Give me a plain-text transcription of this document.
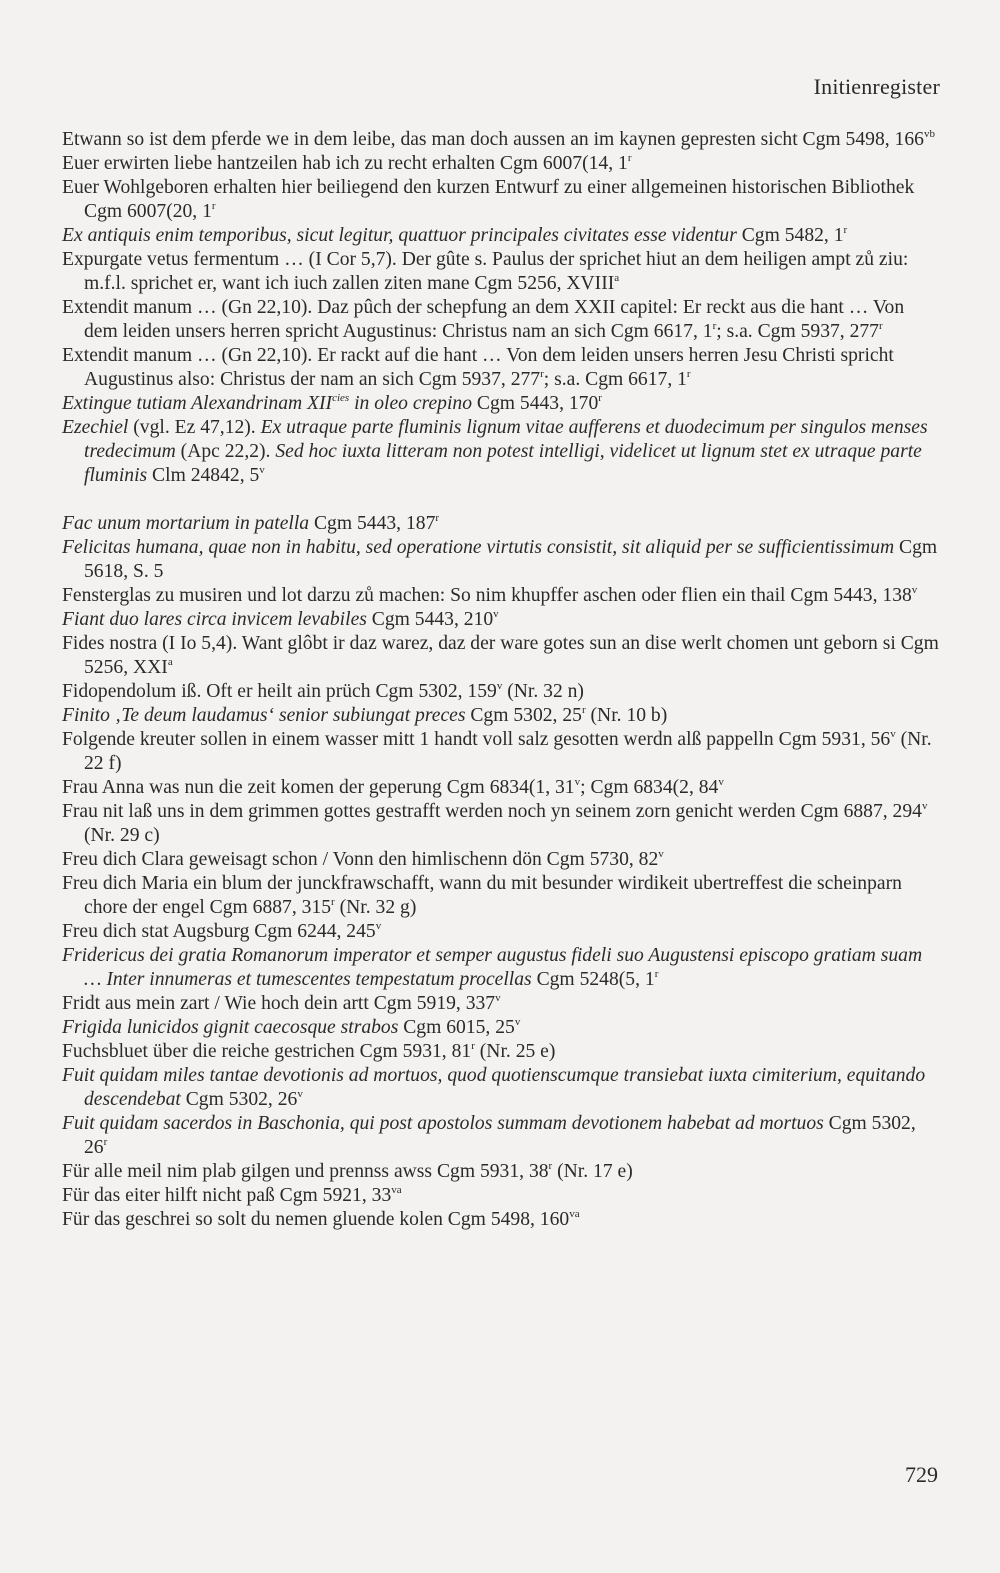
Initienregister

Etwann so ist dem pferde we in dem leibe, das man doch aussen an im kaynen gepresten sicht Cgm 5498, $166^{vb}$

Euer erwirten liebe hantzeilen hab ich zu recht erhalten Cgm 6007(14, 1$^r$

Euer Wohlgeboren erhalten hier beiliegend den kurzen Entwurf zu einer allgemeinen historischen Bibliothek Cgm 6007(20, 1$^r$

Ex antiquis enim temporibus, sicut legitur, quattuor principales civitates esse videntur Cgm 5482, 1$^r$

Expurgate vetus fermentum … (I Cor 5,7). Der gûte s. Paulus der sprichet hiut an dem heiligen ampt zů ziu: m.f.l. sprichet er, want ich iuch zallen ziten mane Cgm 5256, XVIII$^a$

Extendit manum … (Gn 22,10). Daz pûch der schepfung an dem XXII capitel: Er reckt aus die hant … Von dem leiden unsers herren spricht Augustinus: Christus nam an sich Cgm 6617, 1$^r$; s.a. Cgm 5937, 277$^r$

Extendit manum … (Gn 22,10). Er rackt auf die hant … Von dem leiden unsers herren Jesu Christi spricht Augustinus also: Christus der nam an sich Cgm 5937, 277$^r$; s.a. Cgm 6617, 1$^r$

Extingue tutiam Alexandrinam $XII^{cies}$ in oleo crepino Cgm 5443, 170$^r$

Ezechiel (vgl. Ez 47,12). Ex utraque parte fluminis lignum vitae aufferens et duodecimum per singulos menses tredecimum (Apc 22,2). Sed hoc iuxta litteram non potest intelligi, videlicet ut lignum stet ex utraque parte fluminis Clm 24842, 5$^v$

Fac unum mortarium in patella Cgm 5443, 187$^r$

Felicitas humana, quae non in habitu, sed operatione virtutis consistit, sit aliquid per se sufficientissimum Cgm 5618, S. 5

Fensterglas zu musiren und lot darzu zů machen: So nim khupffer aschen oder flien ein thail Cgm 5443, 138$^v$

Fiant duo lares circa invicem levabiles Cgm 5443, 210$^v$

Fides nostra (I Io 5,4). Want glôbt ir daz warez, daz der ware gotes sun an dise werlt chomen unt geborn si Cgm 5256, XXI$^a$

Fidopendolum iß. Oft er heilt ain prüch Cgm 5302, 159$^v$ (Nr. 32 n)

Finito ‚Te deum laudamus‘ senior subiungat preces Cgm 5302, 25$^r$ (Nr. 10 b)

Folgende kreuter sollen in einem wasser mitt 1 handt voll salz gesotten werdn alß pappelln Cgm 5931, 56$^v$ (Nr. 22 f)

Frau Anna was nun die zeit komen der geperung Cgm 6834(1, 31$^v$; Cgm 6834(2, 84$^v$

Frau nit laß uns in dem grimmen gottes gestrafft werden noch yn seinem zorn genicht werden Cgm 6887, 294$^v$ (Nr. 29 c)

Freu dich Clara geweisagt schon / Vonn den himlischenn dön Cgm 5730, 82$^v$

Freu dich Maria ein blum der junckfrawschafft, wann du mit besunder wirdikeit ubertreffest die scheinparn chore der engel Cgm 6887, 315$^r$ (Nr. 32 g)

Freu dich stat Augsburg Cgm 6244, 245$^v$

Fridericus dei gratia Romanorum imperator et semper augustus fideli suo Augustensi episcopo gratiam suam … Inter innumeras et tumescentes tempestatum procellas Cgm 5248(5, 1$^r$

Fridt aus mein zart / Wie hoch dein artt Cgm 5919, 337$^v$

Frigida lunicidos gignit caecosque strabos Cgm 6015, 25$^v$

Fuchsbluet über die reiche gestrichen Cgm 5931, 81$^r$ (Nr. 25 e)

Fuit quidam miles tantae devotionis ad mortuos, quod quotienscumque transiebat iuxta cimiterium, equitando descendebat Cgm 5302, 26$^v$

Fuit quidam sacerdos in Baschonia, qui post apostolos summam devotionem habebat ad mortuos Cgm 5302, 26$^r$

Für alle meil nim plab gilgen und prennss awss Cgm 5931, 38$^r$ (Nr. 17 e)

Für das eiter hilft nicht paß Cgm 5921, $33^{va}$

Für das geschrei so solt du nemen gluende kolen Cgm 5498, $160^{va}$

729
